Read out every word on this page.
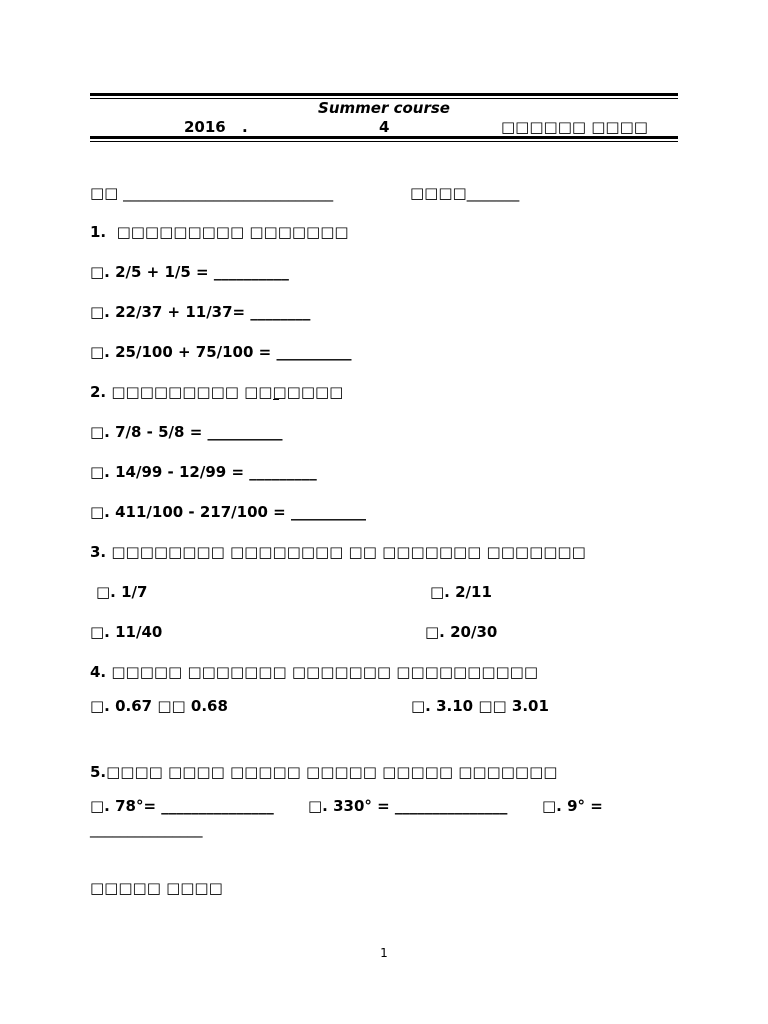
Summer course
2016 .	4	□□□□□□ □□□□
□□ ____________________________	□□□□_______
1.  □□□□□□□□□ □□□□□□□
□. 2/5 + 1/5 = __________
□. 22/37 + 11/37= ________
□. 25/100 + 75/100 = __________
2. □□□□□□□□□ □□□□□□□
□. 7/8 - 5/8 = __________
□. 14/99 - 12/99 = _________
□. 411/100 - 217/100 = __________
3. □□□□□□□□ □□□□□□□□ □□ □□□□□□□ □□□□□□□
□. 1/7	□. 2/11
□. 11/40	□. 20/30
4. □□□□□ □□□□□□□ □□□□□□□ □□□□□□□□□□
□. 0.67 □□ 0.68	□. 3.10 □□ 3.01
5.□□□□ □□□□ □□□□□ □□□□□ □□□□□ □□□□□□□
□. 78°= _______________ □. 330° = _______________ □. 9° =
_______________
□□□□□ □□□□
1
